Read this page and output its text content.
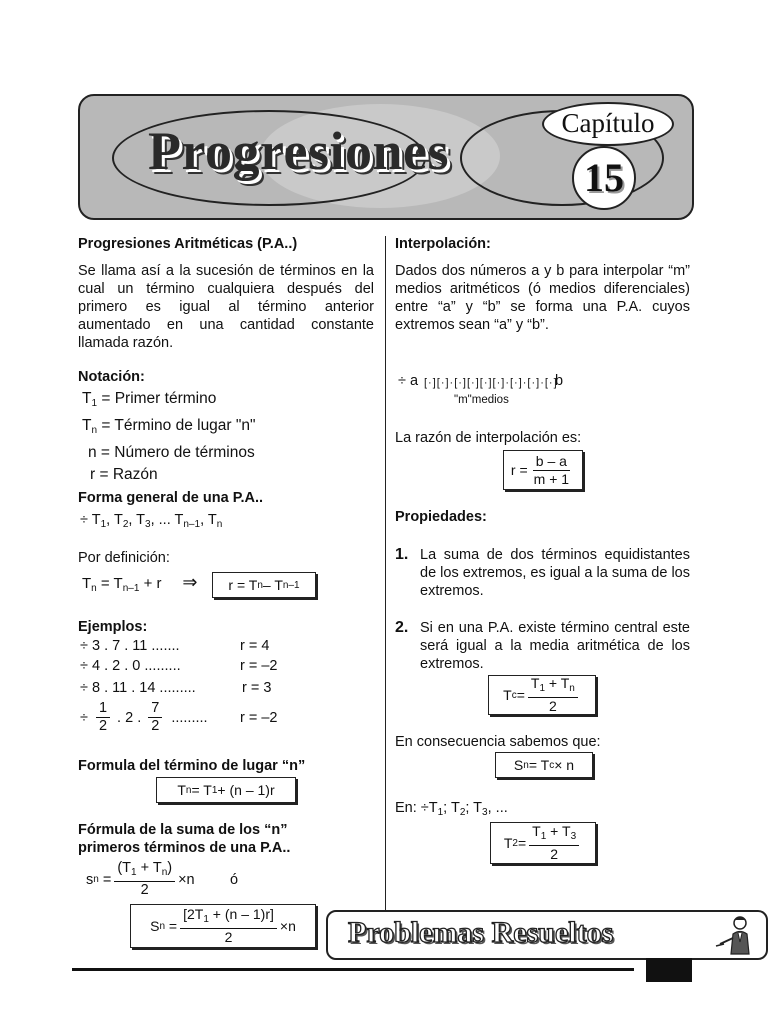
Progresiones	Capítulo
15
Progresiones Aritméticas (P.A..)
Se llama así a la sucesión de términos en la cual un término cualquiera después del primero es igual al término anterior aumentado en una cantidad constante llamada razón.
Notación:
$T_1$ = Primer término
$T_n$ = Término de lugar "n"
n = Número de términos
r = Razón
Forma general de una P.A..
÷ $T_1$, $T_2$, $T_3$, ... $T_{n-1}$, $T_n$
Por definición:
$T_n = T_{n-1} + r$     ⇒	r = T n – T n–1
Ejemplos:
÷ 3 . 7 . 11 .......	r = 4
÷ 4 . 2 . 0 .........	r = –2
÷ 8 . 11 . 14 .........	r = 3
÷ $\frac{1}{2}$ . 2 . $\frac{7}{2}$ ......... r = –2
Formula del término de lugar “n”
T n = T 1 + (n – 1)r
Fórmula de la suma de los “n”
primeros términos de una P.A..
s $n = \frac{(T_1 + T_n)}{2} \times n$ ó
S $n = \frac{[2T_1 + (n - 1)r]}{2} \times n$
Interpolación:
Dados dos números a y b para interpolar “m” medios aritméticos (ó medios diferenciales) entre “a” y “b” se forma una P.A. cuyos extremos sean “a” y “b”.
÷ a [·][·]·[·][·][·][·]·[·]·[·]·[·]
b
"m"medios
La razón de interpolación es:
$r = \frac{b - a}{m + 1}$
Propiedades:
1. La suma de dos términos equidistantes de los extremos, es igual a la suma de los extremos.
2. Si en una P.A. existe término central este será igual a la media aritmética de los extremos.
T $c = \frac{T_1 + T_n}{2}$
En consecuencia sabemos que:
S n = T c × n
En: $\div T_1$; $T_2$; $T_3$, ...
T $2 = \frac{T_1 + T_3}{2}$
Problemas Resueltos
